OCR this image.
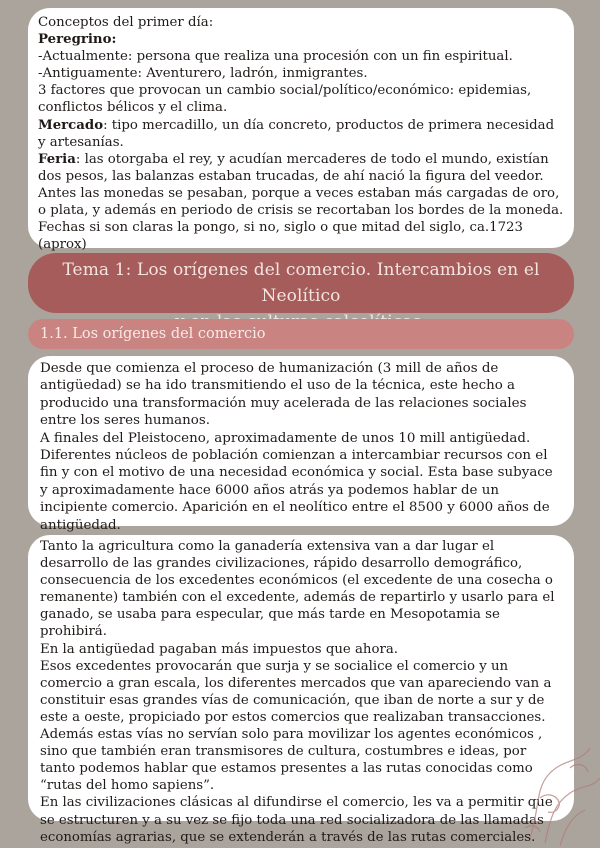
Conceptos del primer día:

Peregrino:

-Actualmente: persona que realiza una procesión con un fin espiritual.

-Antiguamente: Aventurero, ladrón, inmigrantes.

3 factores que provocan un cambio social/político/económico: epidemias, conflictos bélicos y el clima.

Mercado: tipo mercadillo, un día concreto, productos de primera necesidad y artesanías.

Feria: las otorgaba el rey, y acudían mercaderes de todo el mundo, existían dos pesos, las balanzas estaban trucadas, de ahí nació la figura del veedor.

Antes las monedas se pesaban, porque a veces estaban más cargadas de oro, o plata, y además en periodo de crisis se recortaban los bordes de la moneda.

Fechas si son claras la pongo, si no, siglo o que mitad del siglo, ca.1723 (aprox)

Tema 1: Los orígenes del comercio. Intercambios en el Neolítico
1.1. Los orígenes del comercio

Desde que comienza el proceso de humanización (3 mill de años de antigüedad) se ha ido transmitiendo el uso de la técnica, este hecho a producido una transformación muy acelerada de las relaciones sociales entre los seres humanos.

A finales del Pleistoceno, aproximadamente de unos 10 mill antigüedad. Diferentes núcleos de población comienzan a intercambiar recursos con el fin y con el motivo de una necesidad económica y social. Esta base subyace y aproximadamente hace 6000 años atrás ya podemos hablar de un incipiente comercio. Aparición en el neolítico entre el 8500 y 6000 años de antigüedad.

Tanto la agricultura como la ganadería extensiva van a dar lugar el desarrollo de las grandes civilizaciones, rápido desarrollo demográfico, consecuencia de los excedentes económicos (el excedente de una cosecha o remanente) también con el excedente, además de repartirlo y usarlo para el ganado, se usaba para especular, que más tarde en Mesopotamia se prohibirá.

En la antigüedad pagaban más impuestos que ahora.

Esos excedentes provocarán que surja y se socialice el comercio y un comercio a gran escala, los diferentes mercados que van apareciendo van a constituir esas grandes vías de comunicación, que iban de norte a sur y de este a oeste, propiciado por estos comercios que realizaban transacciones. Además estas vías no servían solo para movilizar los agentes económicos , sino que también eran transmisores de cultura, costumbres e ideas, por tanto podemos hablar que estamos presentes a las rutas conocidas como “rutas del homo sapiens”.

En las civilizaciones clásicas al difundirse el comercio, les va a permitir que se estructuren y a su vez se fijo toda una red socializadora de las llamadas economías agrarias, que se extenderán a través de las rutas comerciales.
